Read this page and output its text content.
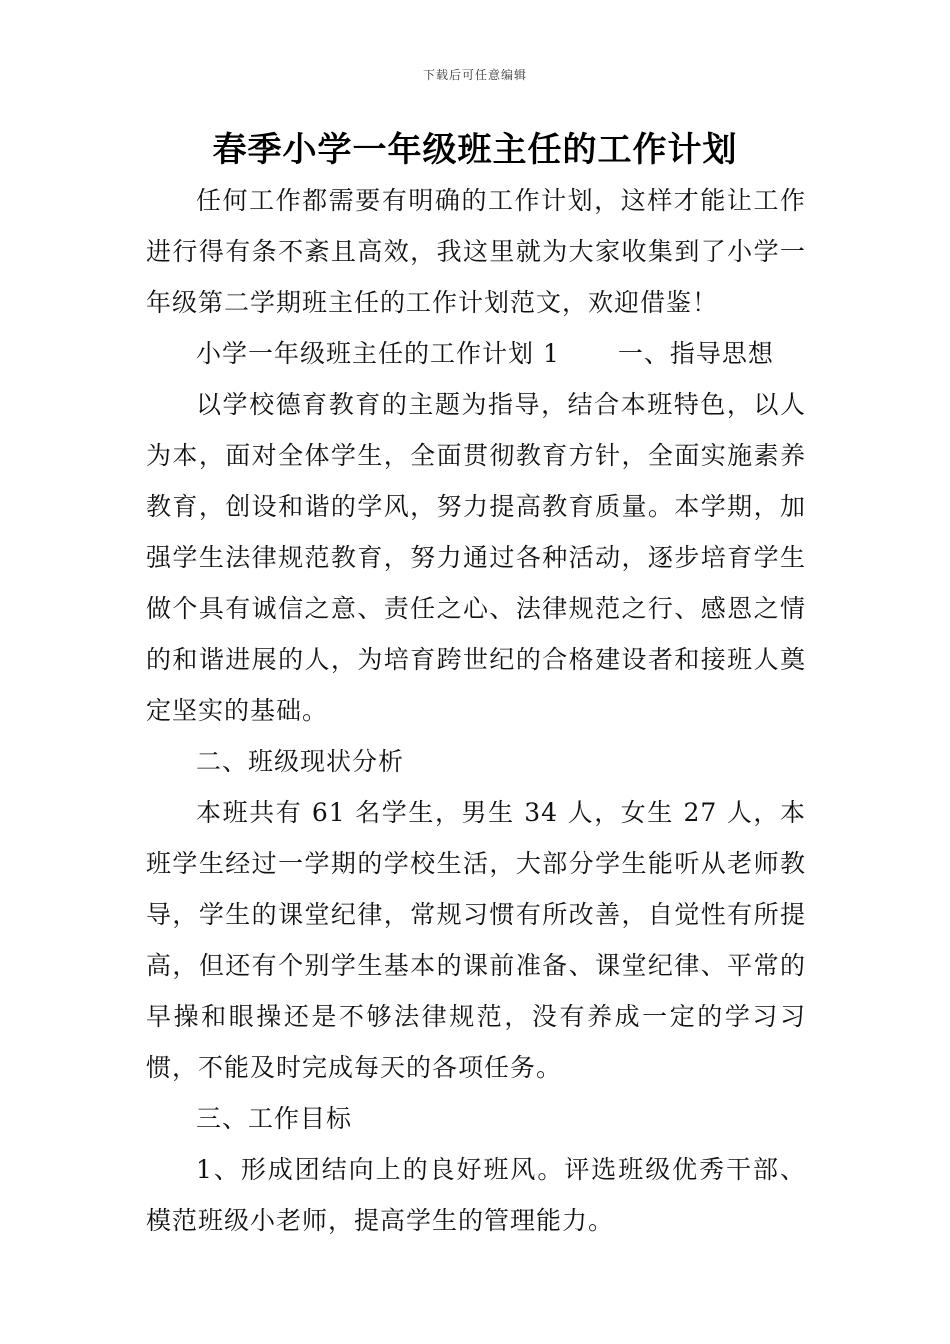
下载后可任意编辑
春季小学一年级班主任的工作计划

任何工作都需要有明确的工作计划，这样才能让工作进行得有条不紊且高效，我这里就为大家收集到了小学一年级第二学期班主任的工作计划范文，欢迎借鉴！

小学一年级班主任的工作计划 1 一、指导思想

以学校德育教育的主题为指导，结合本班特色，以人为本，面对全体学生，全面贯彻教育方针，全面实施素养教育，创设和谐的学风，努力提高教育质量。本学期，加强学生法律规范教育，努力通过各种活动，逐步培育学生做个具有诚信之意、责任之心、法律规范之行、感恩之情的和谐进展的人，为培育跨世纪的合格建设者和接班人奠定坚实的基础。

二、班级现状分析

本班共有 61 名学生，男生 34 人，女生 27 人，本班学生经过一学期的学校生活，大部分学生能听从老师教导，学生的课堂纪律，常规习惯有所改善，自觉性有所提高，但还有个别学生基本的课前准备、课堂纪律、平常的早操和眼操还是不够法律规范，没有养成一定的学习习惯，不能及时完成每天的各项任务。

三、工作目标

1、形成团结向上的良好班风。评选班级优秀干部、模范班级小老师，提高学生的管理能力。
